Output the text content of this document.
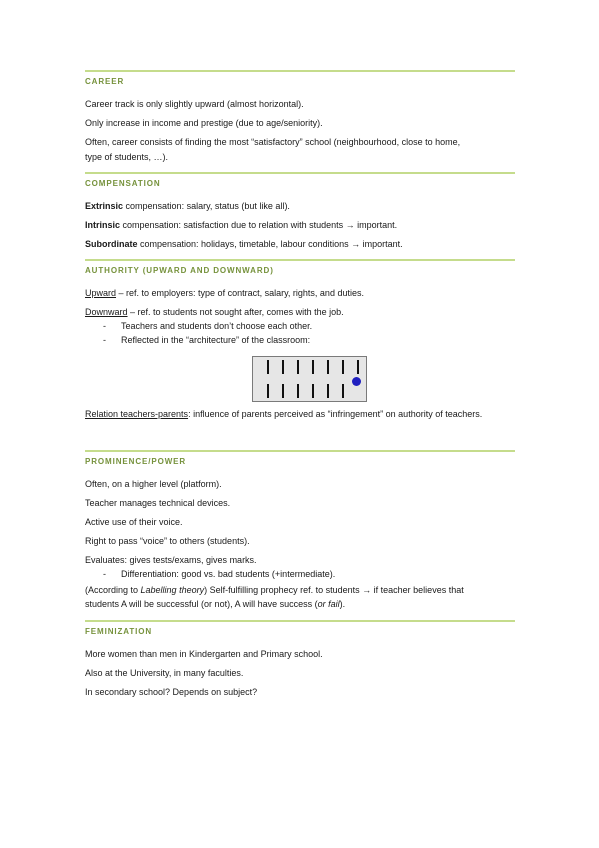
CAREER
Career track is only slightly upward (almost horizontal).
Only increase in income and prestige (due to age/seniority).
Often, career consists of finding the most “satisfactory” school (neighbourhood, close to home,
type of students, …).
COMPENSATION
Extrinsic compensation: salary, status (but like all).
Intrinsic compensation: satisfaction due to relation with students → important.
Subordinate compensation: holidays, timetable, labour conditions → important.
AUTHORITY (UPWARD AND DOWNWARD)
Upward – ref. to employers: type of contract, salary, rights, and duties.
Downward – ref. to students not sought after, comes with the job.
- Teachers and students don’t choose each other.
- Reflected in the “architecture” of the classroom:
Relation teachers-parents: influence of parents perceived as “infringement” on authority of teachers.
PROMINENCE/POWER
Often, on a higher level (platform).
Teacher manages technical devices.
Active use of their voice.
Right to pass “voice” to others (students).
Evaluates: gives tests/exams, gives marks.
- Differentiation: good vs. bad students (+intermediate).
(According to Labelling theory) Self-fulfilling prophecy ref. to students → if teacher believes that
students A will be successful (or not), A will have success (or fail).
FEMINIZATION
More women than men in Kindergarten and Primary school.
Also at the University, in many faculties.
In secondary school? Depends on subject?
